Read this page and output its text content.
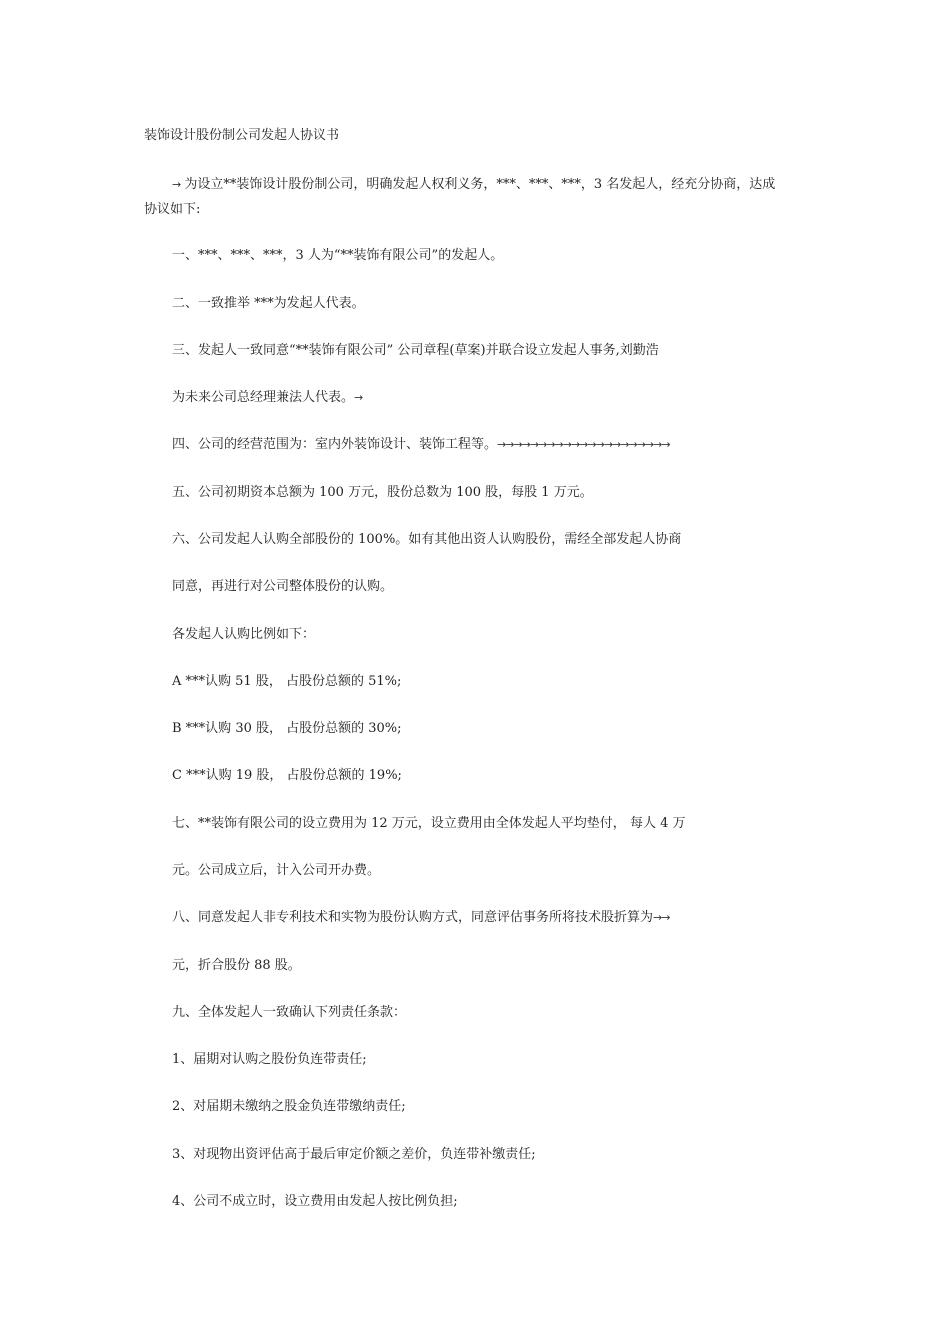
装饰设计股份制公司发起人协议书
→ 为设立**装饰设计股份制公司，明确发起人权利义务，***、***、***，3 名发起人，经充分协商，达成
协议如下:
一、***、***、***，3 人为“**装饰有限公司”的发起人。
二、一致推举 ***为发起人代表。
三、发起人一致同意“**装饰有限公司” 公司章程(草案)并联合设立发起人事务,刘勤浩
为未来公司总经理兼法人代表。→
四、公司的经营范围为：室内外装饰设计、装饰工程等。→→→→→→→→→→→→→→→→→→→→→
五、公司初期资本总额为 100 万元，股份总数为 100 股，每股 1 万元。
六、公司发起人认购全部股份的 100%。如有其他出资人认购股份，需经全部发起人协商
同意，再进行对公司整体股份的认购。
各发起人认购比例如下：
A ***认购 51 股， 占股份总额的 51%;
B ***认购 30 股， 占股份总额的 30%;
C ***认购 19 股， 占股份总额的 19%;
七、**装饰有限公司的设立费用为 12 万元，设立费用由全体发起人平均垫付， 每人 4 万
元。公司成立后，计入公司开办费。
八、同意发起人非专利技术和实物为股份认购方式，同意评估事务所将技术股折算为→→
元，折合股份 88 股。
九、全体发起人一致确认下列责任条款：
1、届期对认购之股份负连带责任;
2、对届期未缴纳之股金负连带缴纳责任;
3、对现物出资评估高于最后审定价额之差价，负连带补缴责任;
4、公司不成立时，设立费用由发起人按比例负担;
